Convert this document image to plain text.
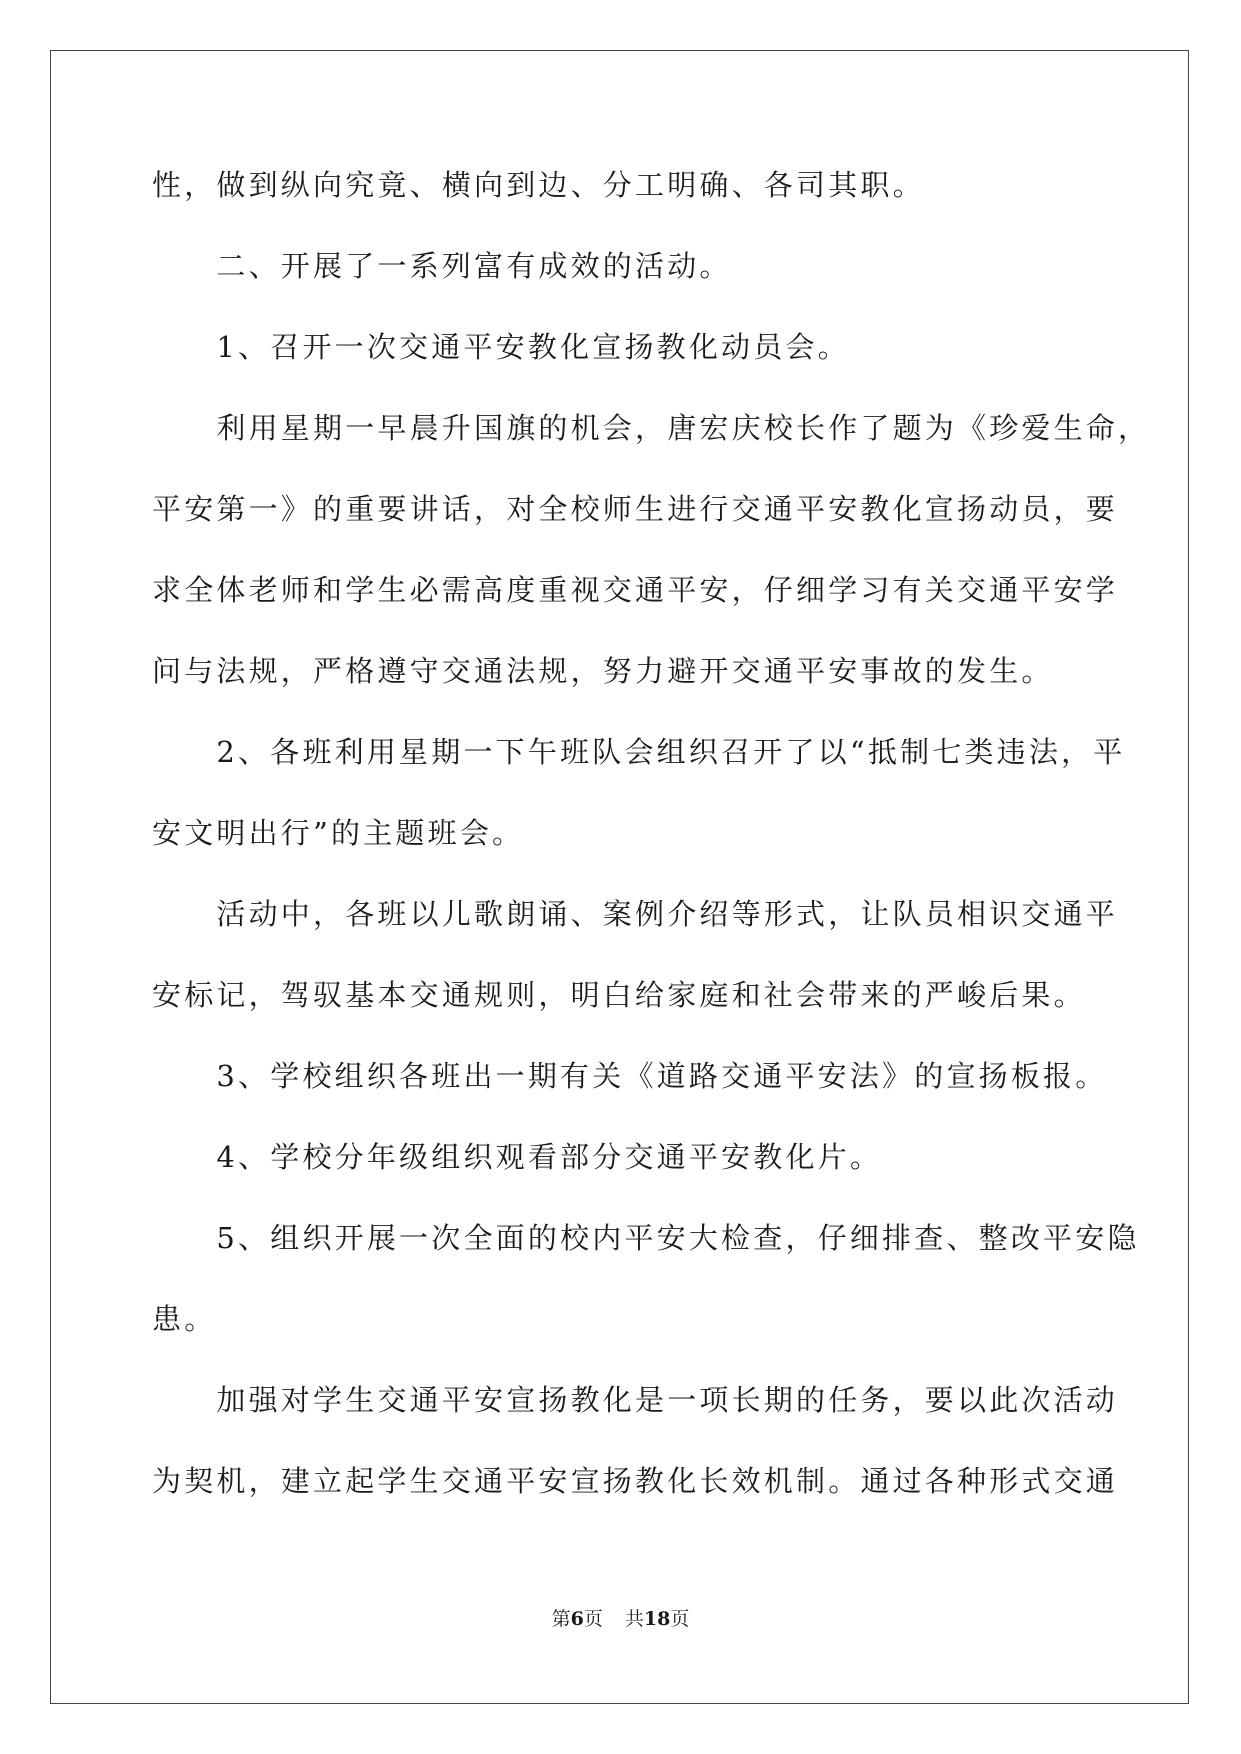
性，做到纵向究竟、横向到边、分工明确、各司其职。
　　二、开展了一系列富有成效的活动。
　　1、召开一次交通平安教化宣扬教化动员会。
　　利用星期一早晨升国旗的机会，唐宏庆校长作了题为《珍爱生命，
平安第一》的重要讲话，对全校师生进行交通平安教化宣扬动员，要
求全体老师和学生必需高度重视交通平安，仔细学习有关交通平安学
问与法规，严格遵守交通法规，努力避开交通平安事故的发生。
　　2、各班利用星期一下午班队会组织召开了以“抵制七类违法，平
安文明出行”的主题班会。
　　活动中，各班以儿歌朗诵、案例介绍等形式，让队员相识交通平
安标记，驾驭基本交通规则，明白给家庭和社会带来的严峻后果。
　　3、学校组织各班出一期有关《道路交通平安法》的宣扬板报。
　　4、学校分年级组织观看部分交通平安教化片。
　　5、组织开展一次全面的校内平安大检查，仔细排查、整改平安隐
患。
　　加强对学生交通平安宣扬教化是一项长期的任务，要以此次活动
为契机，建立起学生交通平安宣扬教化长效机制。通过各种形式交通
第6页 共18页
